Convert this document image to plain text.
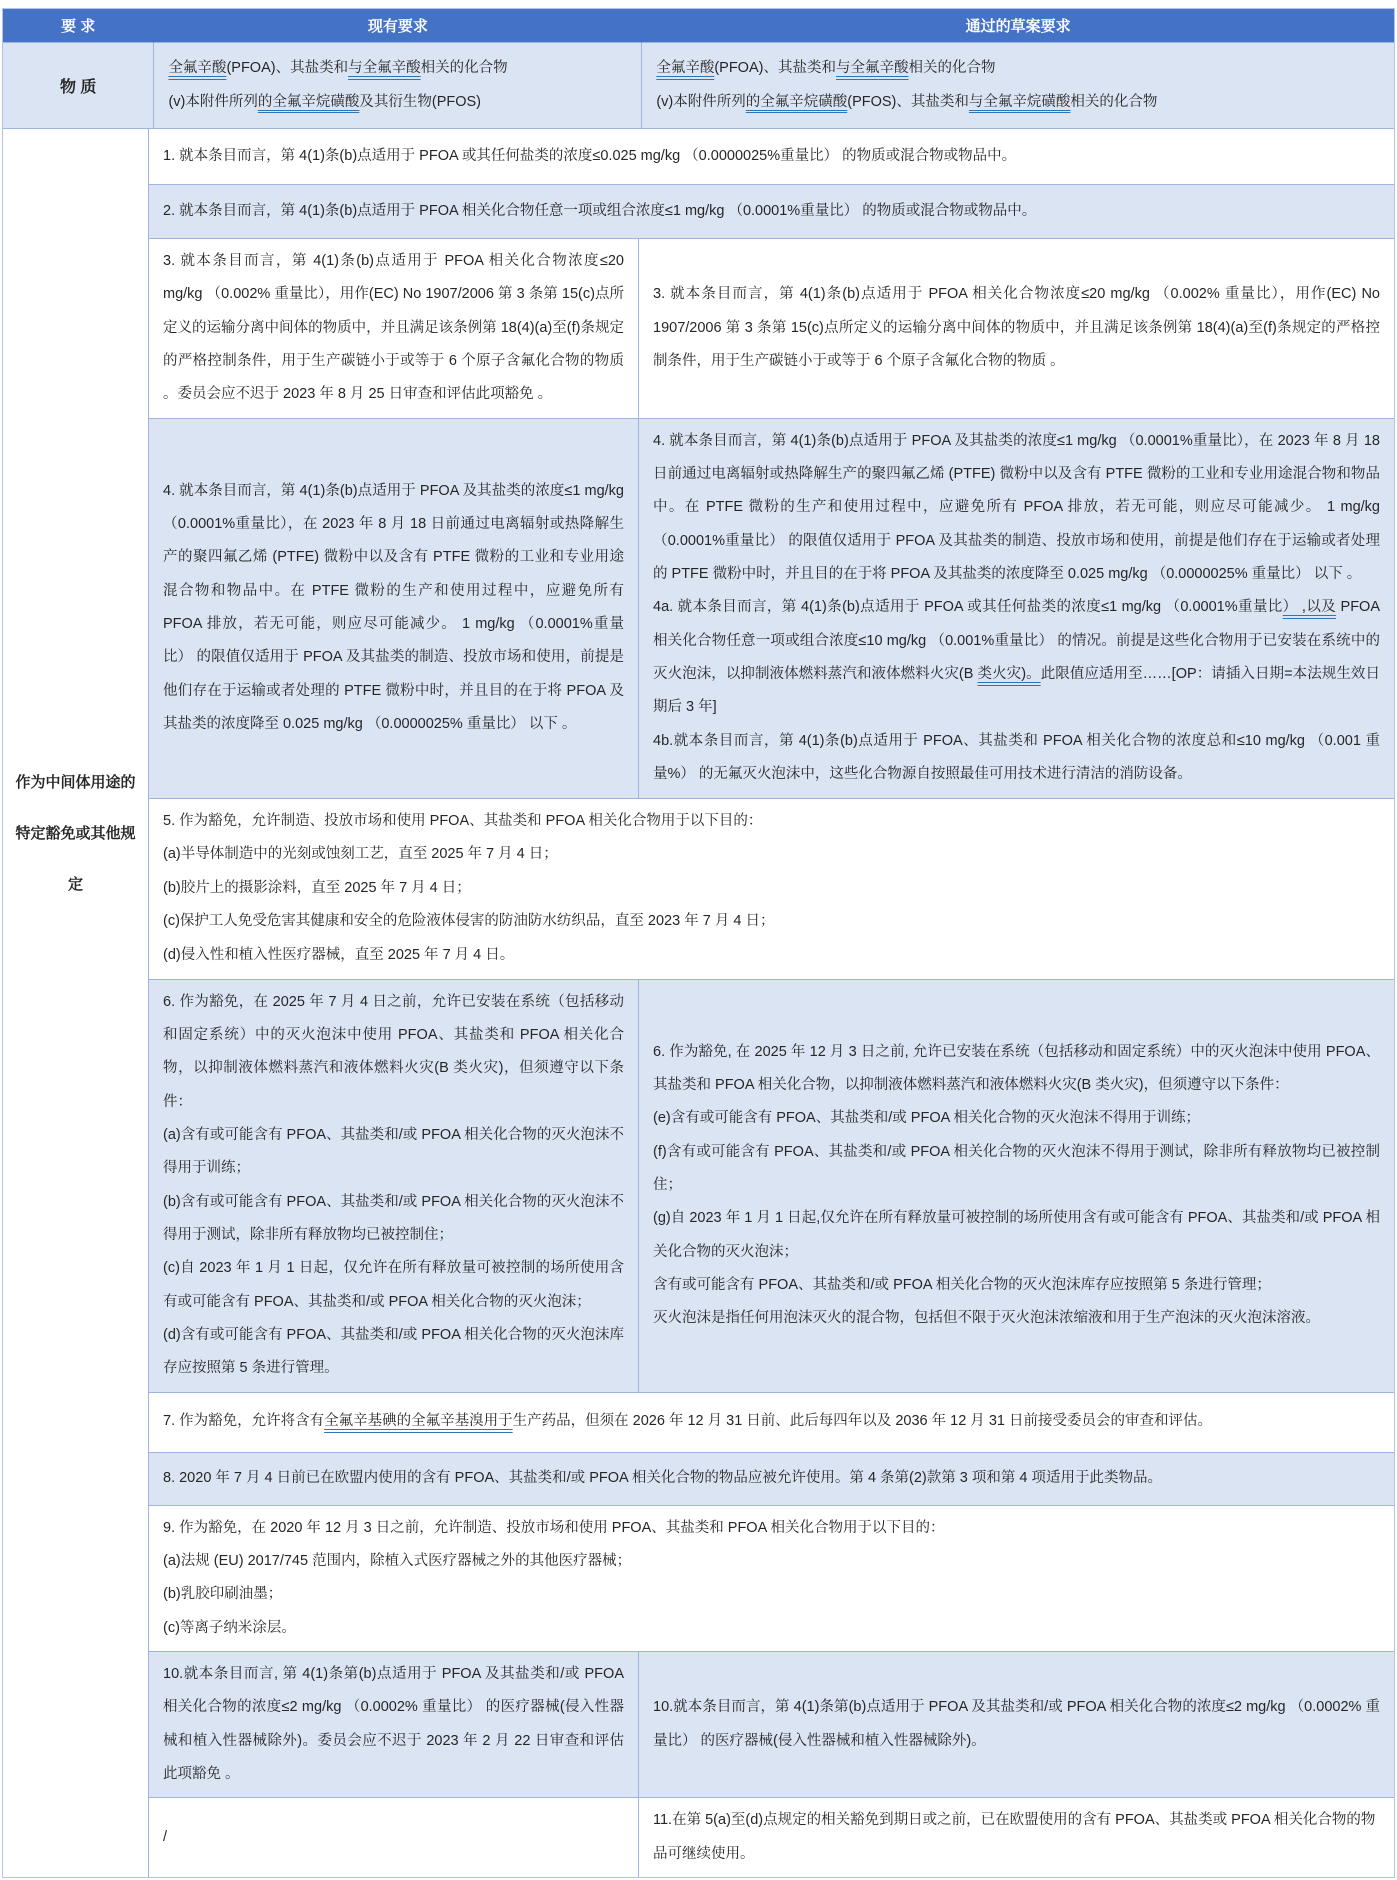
要 求	现有要求	通过的草案要求
物 质
全氟辛酸(PFOA)、其盐类和与全氟辛酸相关的化合物
(v)本附件所列的全氟辛烷磺酸及其衍生物(PFOS)
全氟辛酸(PFOA)、其盐类和与全氟辛酸相关的化合物
(v)本附件所列的全氟辛烷磺酸(PFOS)、其盐类和与全氟辛烷磺酸相关的化合物
作为中间体用途的特定豁免或其他规定
1. 就本条目而言，第 4(1)条(b)点适用于 PFOA 或其任何盐类的浓度≤0.025 mg/kg （0.0000025%重量比） 的物质或混合物或物品中。
2. 就本条目而言，第 4(1)条(b)点适用于 PFOA 相关化合物任意一项或组合浓度≤1 mg/kg （0.0001%重量比） 的物质或混合物或物品中。
3. 就本条目而言，第 4(1)条(b)点适用于 PFOA 相关化合物浓度≤20 mg/kg （0.002% 重量比），用作(EC) No 1907/2006 第 3 条第 15(c)点所定义的运输分离中间体的物质中，并且满足该条例第 18(4)(a)至(f)条规定的严格控制条件，用于生产碳链小于或等于 6 个原子含氟化合物的物质 。委员会应不迟于 2023 年 8 月 25 日审查和评估此项豁免 。
3. 就本条目而言，第 4(1)条(b)点适用于 PFOA 相关化合物浓度≤20 mg/kg （0.002% 重量比），用作(EC) No 1907/2006 第 3 条第 15(c)点所定义的运输分离中间体的物质中，并且满足该条例第 18(4)(a)至(f)条规定的严格控制条件，用于生产碳链小于或等于 6 个原子含氟化合物的物质 。
4. 就本条目而言，第 4(1)条(b)点适用于 PFOA 及其盐类的浓度≤1 mg/kg （0.0001%重量比），在 2023 年 8 月 18 日前通过电离辐射或热降解生产的聚四氟乙烯 (PTFE) 微粉中以及含有 PTFE 微粉的工业和专业用途混合物和物品中。在 PTFE 微粉的生产和使用过程中，应避免所有 PFOA 排放，若无可能，则应尽可能减少。 1 mg/kg （0.0001%重量比） 的限值仅适用于 PFOA 及其盐类的制造、投放市场和使用，前提是他们存在于运输或者处理的 PTFE 微粉中时，并且目的在于将 PFOA 及其盐类的浓度降至 0.025 mg/kg （0.0000025% 重量比） 以下 。
4. 就本条目而言，第 4(1)条(b)点适用于 PFOA 及其盐类的浓度≤1 mg/kg （0.0001%重量比），在 2023 年 8 月 18 日前通过电离辐射或热降解生产的聚四氟乙烯 (PTFE) 微粉中以及含有 PTFE 微粉的工业和专业用途混合物和物品中。在 PTFE 微粉的生产和使用过程中，应避免所有 PFOA 排放，若无可能，则应尽可能减少。 1 mg/kg （0.0001%重量比） 的限值仅适用于 PFOA 及其盐类的制造、投放市场和使用，前提是他们存在于运输或者处理的 PTFE 微粉中时，并且目的在于将 PFOA 及其盐类的浓度降至 0.025 mg/kg （0.0000025% 重量比） 以下 。
4a. 就本条目而言，第 4(1)条(b)点适用于 PFOA 或其任何盐类的浓度≤1 mg/kg （0.0001%重量比） ,以及 PFOA 相关化合物任意一项或组合浓度≤10 mg/kg （0.001%重量比） 的情况。前提是这些化合物用于已安装在系统中的灭火泡沫，以抑制液体燃料蒸汽和液体燃料火灾(B 类火灾)。此限值应适用至……[OP：请插入日期=本法规生效日期后 3 年]
4b.就本条目而言，第 4(1)条(b)点适用于 PFOA、其盐类和 PFOA 相关化合物的浓度总和≤10 mg/kg （0.001 重量%） 的无氟灭火泡沫中，这些化合物源自按照最佳可用技术进行清洁的消防设备。
5. 作为豁免，允许制造、投放市场和使用 PFOA、其盐类和 PFOA 相关化合物用于以下目的：
(a)半导体制造中的光刻或蚀刻工艺，直至 2025 年 7 月 4 日；
(b)胶片上的摄影涂料，直至 2025 年 7 月 4 日；
(c)保护工人免受危害其健康和安全的危险液体侵害的防油防水纺织品，直至 2023 年 7 月 4 日；
(d)侵入性和植入性医疗器械，直至 2025 年 7 月 4 日。
6. 作为豁免，在 2025 年 7 月 4 日之前，允许已安装在系统（包括移动和固定系统）中的灭火泡沫中使用 PFOA、其盐类和 PFOA 相关化合物，以抑制液体燃料蒸汽和液体燃料火灾(B 类火灾)，但须遵守以下条件：
(a)含有或可能含有 PFOA、其盐类和/或 PFOA 相关化合物的灭火泡沫不得用于训练；
(b)含有或可能含有 PFOA、其盐类和/或 PFOA 相关化合物的灭火泡沫不得用于测试，除非所有释放物均已被控制住；
(c)自 2023 年 1 月 1 日起，仅允许在所有释放量可被控制的场所使用含有或可能含有 PFOA、其盐类和/或 PFOA 相关化合物的灭火泡沫；
(d)含有或可能含有 PFOA、其盐类和/或 PFOA 相关化合物的灭火泡沫库存应按照第 5 条进行管理。
6. 作为豁免, 在 2025 年 12 月 3 日之前, 允许已安装在系统（包括移动和固定系统）中的灭火泡沫中使用 PFOA、其盐类和 PFOA 相关化合物，以抑制液体燃料蒸汽和液体燃料火灾(B 类火灾)，但须遵守以下条件：
(e)含有或可能含有 PFOA、其盐类和/或 PFOA 相关化合物的灭火泡沫不得用于训练；
(f)含有或可能含有 PFOA、其盐类和/或 PFOA 相关化合物的灭火泡沫不得用于测试，除非所有释放物均已被控制住；
(g)自 2023 年 1 月 1 日起,仅允许在所有释放量可被控制的场所使用含有或可能含有 PFOA、其盐类和/或 PFOA 相关化合物的灭火泡沫；
含有或可能含有 PFOA、其盐类和/或 PFOA 相关化合物的灭火泡沫库存应按照第 5 条进行管理；
灭火泡沫是指任何用泡沫灭火的混合物，包括但不限于灭火泡沫浓缩液和用于生产泡沫的灭火泡沫溶液。
7. 作为豁免，允许将含有全氟辛基碘的全氟辛基溴用于生产药品，但须在 2026 年 12 月 31 日前、此后每四年以及 2036 年 12 月 31 日前接受委员会的审查和评估。
8. 2020 年 7 月 4 日前已在欧盟内使用的含有 PFOA、其盐类和/或 PFOA 相关化合物的物品应被允许使用。第 4 条第(2)款第 3 项和第 4 项适用于此类物品。
9. 作为豁免，在 2020 年 12 月 3 日之前，允许制造、投放市场和使用 PFOA、其盐类和 PFOA 相关化合物用于以下目的：
(a)法规 (EU) 2017/745 范围内，除植入式医疗器械之外的其他医疗器械；
(b)乳胶印刷油墨；
(c)等离子纳米涂层。
10.就本条目而言, 第 4(1)条第(b)点适用于 PFOA 及其盐类和/或 PFOA 相关化合物的浓度≤2 mg/kg （0.0002% 重量比） 的医疗器械(侵入性器械和植入性器械除外)。委员会应不迟于 2023 年 2 月 22 日审查和评估此项豁免 。
10.就本条目而言，第 4(1)条第(b)点适用于 PFOA 及其盐类和/或 PFOA 相关化合物的浓度≤2 mg/kg （0.0002% 重量比） 的医疗器械(侵入性器械和植入性器械除外)。
/
11.在第 5(a)至(d)点规定的相关豁免到期日或之前，已在欧盟使用的含有 PFOA、其盐类或 PFOA 相关化合物的物品可继续使用。
